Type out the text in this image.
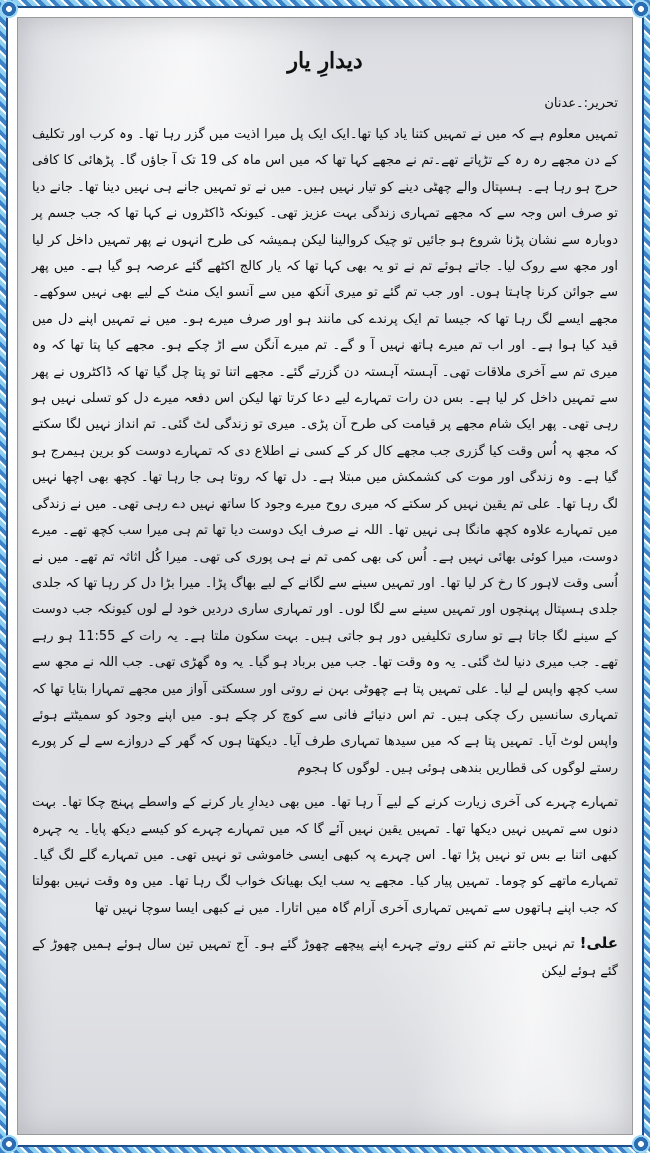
دیدارِ یار
تحریر:۔عدنان

تمہیں معلوم ہے کہ میں نے تمہیں کتنا یاد کیا تھا۔ایک ایک پل میرا اذیت میں گزر رہا تھا۔ وہ کرب اور تکلیف کے دن مجھے رہ رہ کے تڑپاتے تھے۔تم نے مجھے کہا تھا کہ میں اس ماہ کی 19 تک آ جاؤں گا۔ پڑھائی کا کافی حرج ہو رہا ہے۔ ہسپتال والے چھٹی دینے کو تیار نہیں ہیں۔ میں نے تو تمہیں جانے ہی نہیں دینا تھا۔ جانے دیا تو صرف اس وجہ سے کہ مجھے تمہاری زندگی بہت عزیز تھی۔ کیونکہ ڈاکٹروں نے کہا تھا کہ جب جسم پر دوبارہ سے نشان پڑنا شروع ہو جائیں تو چیک کروالینا لیکن ہمیشہ کی طرح انہوں نے پھر تمہیں داخل کر لیا اور مجھ سے روک لیا۔ جاتے ہوئے تم نے تو یہ بھی کہا تھا کہ یار کالج اکٹھے گئے عرصہ ہو گیا ہے۔ میں پھر سے جوائن کرنا چاہتا ہوں۔ اور جب تم گئے تو میری آنکھ میں سے آنسو ایک منٹ کے لیے بھی نہیں سوکھے۔ مجھے ایسے لگ رہا تھا کہ جیسا تم ایک پرندے کی مانند ہو اور صرف میرے ہو۔ میں نے تمہیں اپنے دل میں قید کیا ہوا ہے۔ اور اب تم میرے ہاتھ نہیں آ و گے۔ تم میرے آنگن سے اڑ چکے ہو۔ مجھے کیا پتا تھا کہ وہ میری تم سے آخری ملاقات تھی۔ آہستہ آہستہ دن گزرتے گئے۔ مجھے اتنا تو پتا چل گیا تھا کہ ڈاکٹروں نے پھر سے تمہیں داخل کر لیا ہے۔ بس دن رات تمہارے لیے دعا کرتا تھا لیکن اس دفعہ میرے دل کو تسلی نہیں ہو رہی تھی۔ پھر ایک شام مجھے پر قیامت کی طرح آن پڑی۔ میری تو زندگی لٹ گئی۔ تم انداز نہیں لگا سکتے کہ مجھ پہ اُس وقت کیا گزری جب مجھے کال کر کے کسی نے اطلاع دی کہ تمہارے دوست کو برین ہیمرج ہو گیا ہے۔ وہ زندگی اور موت کی کشمکش میں مبتلا ہے۔ دل تھا کہ روتا ہی جا رہا تھا۔ کچھ بھی اچھا نہیں لگ رہا تھا۔ علی تم یقین نہیں کر سکتے کہ میری روح میرے وجود کا ساتھ نہیں دے رہی تھی۔ میں نے زندگی میں تمہارے علاوہ کچھ مانگا ہی نہیں تھا۔ اللہ نے صرف ایک دوست دیا تھا تم ہی میرا سب کچھ تھے۔ میرے دوست، میرا کوئی بھائی نہیں ہے۔ اُس کی بھی کمی تم نے ہی پوری کی تھی۔ میرا کُل اثاثہ تم تھے۔ میں نے اُسی وقت لاہور کا رخ کر لیا تھا۔ اور تمہیں سینے سے لگانے کے لیے بھاگ پڑا۔ میرا بڑا دل کر رہا تھا کہ جلدی جلدی ہسپتال پہنچوں اور تمہیں سینے سے لگا لوں۔ اور تمہاری ساری دردیں خود لے لوں کیونکہ جب دوست کے سینے لگا جاتا ہے تو ساری تکلیفیں دور ہو جاتی ہیں۔ بہت سکون ملتا ہے۔ یہ رات کے 11:55 ہو رہے تھے۔ جب میری دنیا لٹ گئی۔ یہ وہ وقت تھا۔ جب میں برباد ہو گیا۔ یہ وہ گھڑی تھی۔ جب اللہ نے مجھ سے سب کچھ واپس لے لیا۔ علی تمہیں پتا ہے چھوٹی بہن نے روتی اور سسکتی آواز میں مجھے تمہارا بتایا تھا کہ تمہاری سانسیں رک چکی ہیں۔ تم اس دنیائے فانی سے کوچ کر چکے ہو۔ میں اپنے وجود کو سمیٹتے ہوئے واپس لوٹ آیا۔ تمہیں پتا ہے کہ میں سیدھا تمہاری طرف آیا۔ دیکھتا ہوں کہ گھر کے دروازے سے لے کر پورے رستے لوگوں کی قطاریں بندھی ہوئی ہیں۔ لوگوں کا ہجوم

تمہارے چہرے کی آخری زیارت کرنے کے لیے آ رہا تھا۔ میں بھی دیدارِ یار کرنے کے واسطے پہنچ چکا تھا۔ بہت دنوں سے تمہیں نہیں دیکھا تھا۔ تمہیں یقین نہیں آئے گا کہ میں تمہارے چہرے کو کیسے دیکھ پایا۔ یہ چہرہ کبھی اتنا بے بس تو نہیں پڑا تھا۔ اس چہرے پہ کبھی ایسی خاموشی تو نہیں تھی۔ میں تمہارے گلے لگ گیا۔ تمہارے ماتھے کو چوما۔ تمہیں پیار کیا۔ مجھے یہ سب ایک بھیانک خواب لگ رہا تھا۔ میں وہ وقت نہیں بھولتا کہ جب اپنے ہاتھوں سے تمہیں تمہاری آخری آرام گاہ میں اتارا۔ میں نے کبھی ایسا سوچا نہیں تھا

علی! تم نہیں جانتے تم کتنے روتے چہرے اپنے پیچھے چھوڑ گئے ہو۔ آج تمہیں تین سال ہوئے ہمیں چھوڑ کے گئے ہوئے لیکن
